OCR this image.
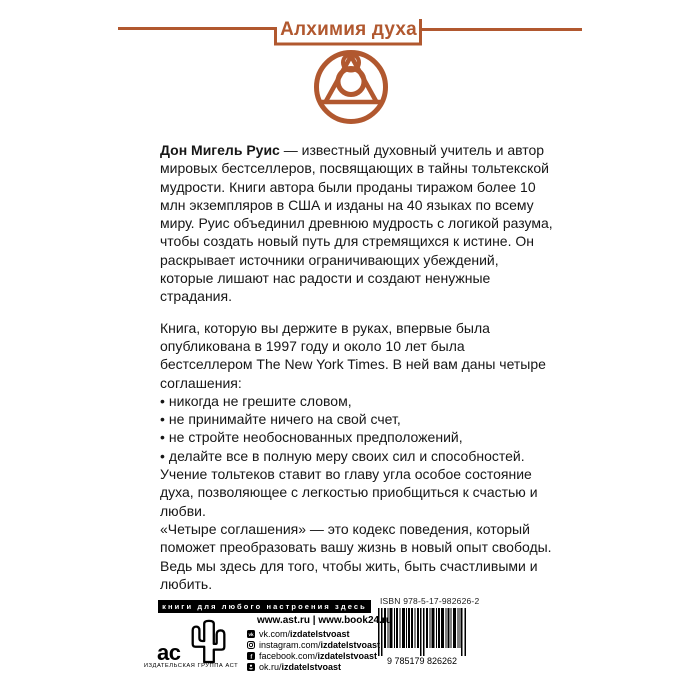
Алхимия духа

Дон Мигель Руис — известный духовный учитель и автор мировых бестселлеров, посвящающих в тайны тольтекской мудрости. Книги автора были проданы тиражом более 10 млн экземпляров в США и изданы на 40 языках по всему миру. Руис объединил древнюю мудрость с логикой разума, чтобы создать новый путь для стремящихся к истине. Он раскрывает источники ограничивающих убеждений, которые лишают нас радости и создают ненужные страдания.

Книга, которую вы держите в руках, впервые была опубликована в 1997 году и около 10 лет была бестселлером The New York Times. В ней вам даны четыре соглашения:

• никогда не грешите словом,
• не принимайте ничего на свой счет,
• не стройте необоснованных предположений,
• делайте все в полную меру своих сил и способностей.

Учение тольтеков ставит во главу угла особое состояние духа, позволяющее с легкостью приобщиться к счастью и любви.

«Четыре соглашения» — это кодекс поведения, который поможет преобразовать вашу жизнь в новый опыт свободы. Ведь мы здесь для того, чтобы жить, быть счастливыми и любить.

книги для любого настроения здесь
ISBN 978-5-17-982626-2
9 785179 826262
ас
ИЗДАТЕЛЬСКАЯ ГРУППА АСТ
www.ast.ru | www.book24.ru
vk vk.com/izdatelstvoast
instagram.com/izdatelstvoast
f facebook.com/izdatelstvoast
ok.ru/izdatelstvoast
